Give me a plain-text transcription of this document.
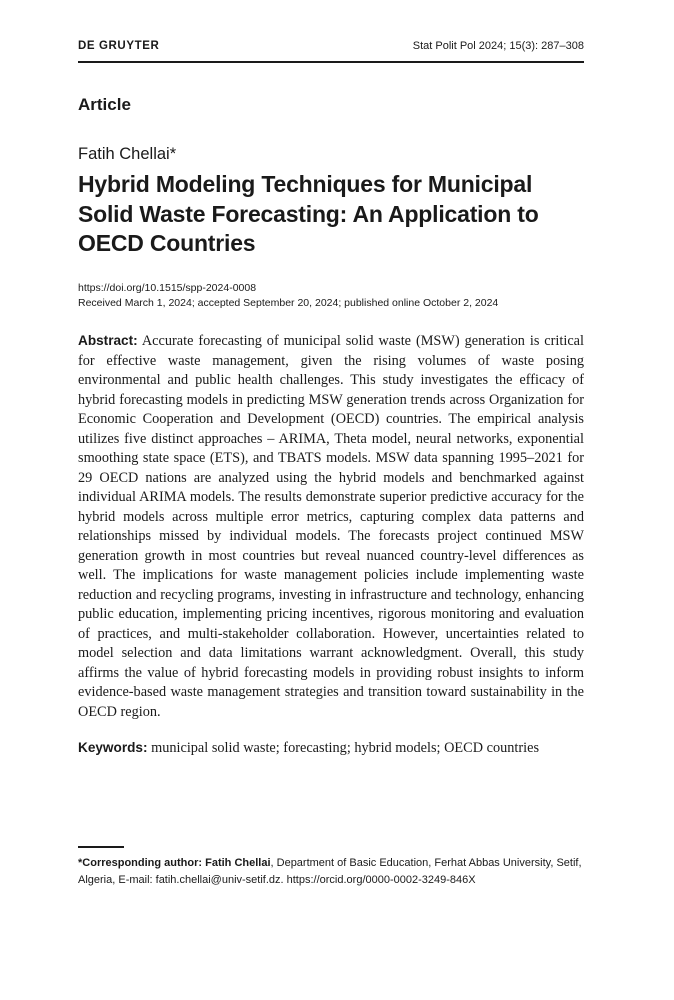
DE GRUYTER	Stat Polit Pol 2024; 15(3): 287–308
Article
Fatih Chellai*
Hybrid Modeling Techniques for Municipal Solid Waste Forecasting: An Application to OECD Countries
https://doi.org/10.1515/spp-2024-0008
Received March 1, 2024; accepted September 20, 2024; published online October 2, 2024

Abstract: Accurate forecasting of municipal solid waste (MSW) generation is critical for effective waste management, given the rising volumes of waste posing environmental and public health challenges. This study investigates the efficacy of hybrid forecasting models in predicting MSW generation trends across Organization for Economic Cooperation and Development (OECD) countries. The empirical analysis utilizes five distinct approaches – ARIMA, Theta model, neural networks, exponential smoothing state space (ETS), and TBATS models. MSW data spanning 1995–2021 for 29 OECD nations are analyzed using the hybrid models and benchmarked against individual ARIMA models. The results demonstrate superior predictive accuracy for the hybrid models across multiple error metrics, capturing complex data patterns and relationships missed by individual models. The forecasts project continued MSW generation growth in most countries but reveal nuanced country-level differences as well. The implications for waste management policies include implementing waste reduction and recycling programs, investing in infrastructure and technology, enhancing public education, implementing pricing incentives, rigorous monitoring and evaluation of practices, and multi-stakeholder collaboration. However, uncertainties related to model selection and data limitations warrant acknowledgment. Overall, this study affirms the value of hybrid forecasting models in providing robust insights to inform evidence-based waste management strategies and transition toward sustainability in the OECD region.

Keywords: municipal solid waste; forecasting; hybrid models; OECD countries

*Corresponding author: Fatih Chellai, Department of Basic Education, Ferhat Abbas University, Setif, Algeria, E-mail: fatih.chellai@univ-setif.dz. https://orcid.org/0000-0002-3249-846X
